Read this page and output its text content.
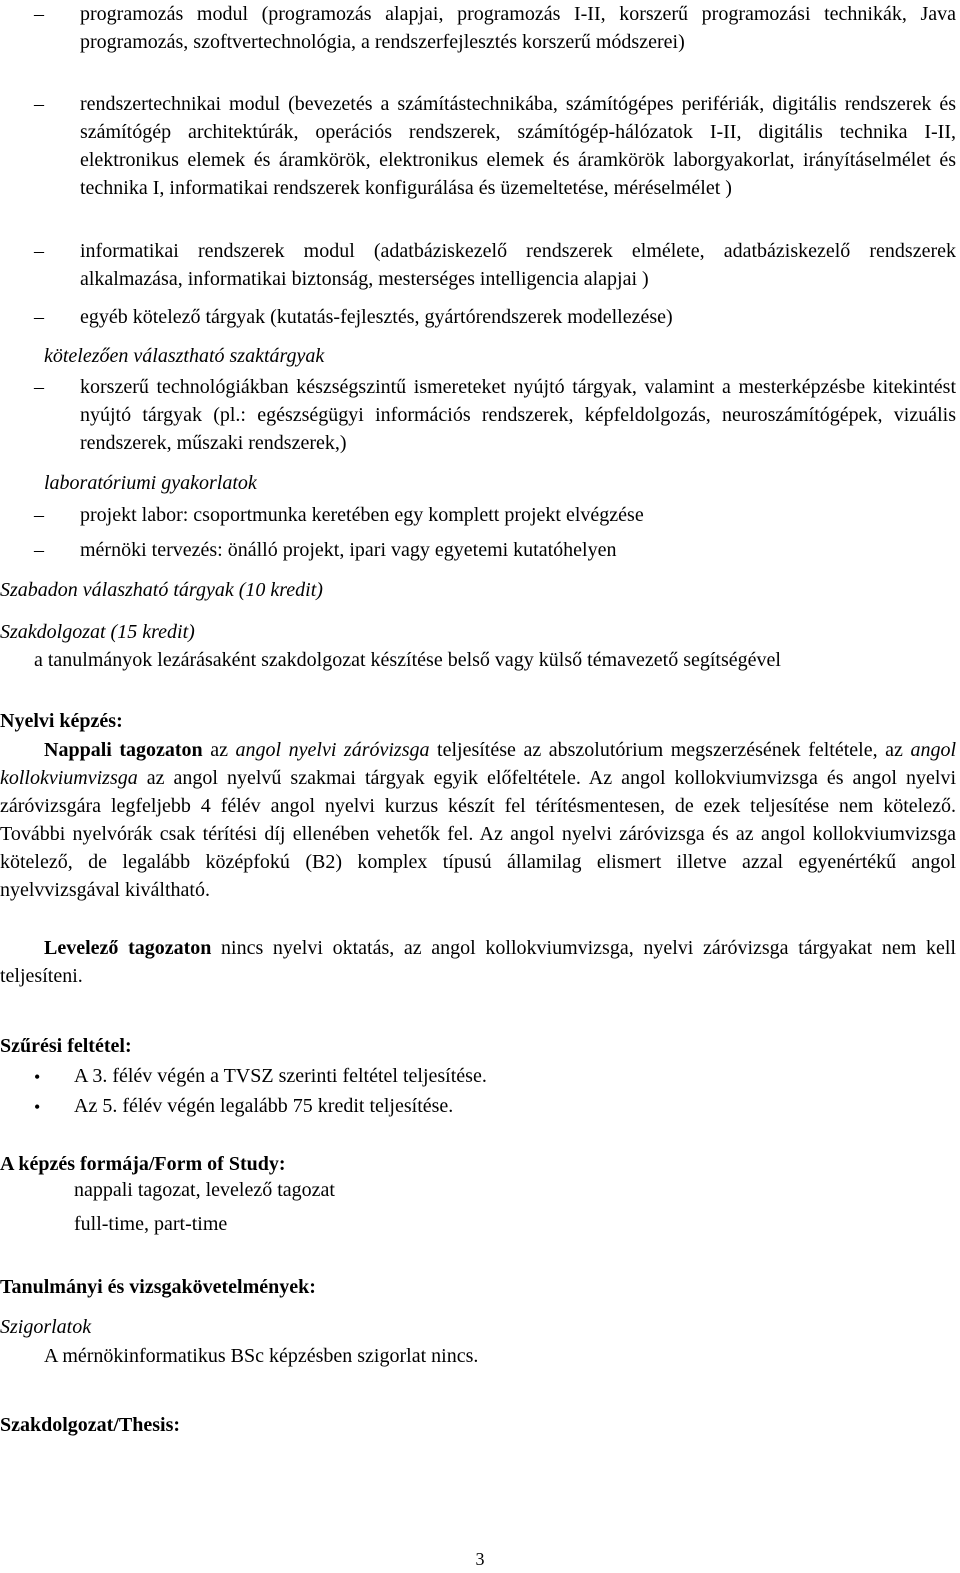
–	programozás modul (programozás alapjai, programozás I-II, korszerű programozási technikák, Java programozás, szoftvertechnológia, a rendszerfejlesztés korszerű módszerei)
–	rendszertechnikai modul (bevezetés a számítástechnikába, számítógépes perifériák, digitális rendszerek és számítógép architektúrák, operációs rendszerek, számítógép-hálózatok I-II, digitális technika I-II, elektronikus elemek és áramkörök, elektronikus elemek és áramkörök laborgyakorlat, irányításelmélet és technika I, informatikai rendszerek konfigurálása és üzemeltetése, méréselmélet )
–	informatikai rendszerek modul (adatbáziskezelő rendszerek elmélete, adatbáziskezelő rendszerek alkalmazása, informatikai biztonság, mesterséges intelligencia alapjai )
–	egyéb kötelező tárgyak (kutatás-fejlesztés, gyártórendszerek modellezése)
kötelezően választható szaktárgyak
–	korszerű technológiákban készségszintű ismereteket nyújtó tárgyak, valamint a mesterképzésbe kitekintést nyújtó tárgyak (pl.: egészségügyi információs rendszerek, képfeldolgozás, neuroszámítógépek, vizuális rendszerek, műszaki rendszerek,)
laboratóriumi gyakorlatok
–	projekt labor: csoportmunka keretében egy komplett projekt elvégzése
–	mérnöki tervezés: önálló projekt, ipari vagy egyetemi kutatóhelyen
Szabadon válaszható tárgyak (10 kredit)
Szakdolgozat (15 kredit)
a tanulmányok lezárásaként szakdolgozat készítése belső vagy külső témavezető segítségével
Nyelvi képzés:
Nappali tagozaton az angol nyelvi záróvizsga teljesítése az abszolutórium megszerzésének feltétele, az angol kollokviumvizsga az angol nyelvű szakmai tárgyak egyik előfeltétele. Az angol kollokviumvizsga és angol nyelvi záróvizsgára legfeljebb 4 félév angol nyelvi kurzus készít fel térítésmentesen, de ezek teljesítése nem kötelező. További nyelvórák csak térítési díj ellenében vehetők fel. Az angol nyelvi záróvizsga és az angol kollokviumvizsga kötelező, de legalább középfokú (B2) komplex típusú államilag elismert illetve azzal egyenértékű angol nyelvvizsgával kiváltható.
Levelező tagozaton nincs nyelvi oktatás, az angol kollokviumvizsga, nyelvi záróvizsga tárgyakat nem kell teljesíteni.
Szűrési feltétel:
• A 3. félév végén a TVSZ szerinti feltétel teljesítése.
• Az 5. félév végén legalább 75 kredit teljesítése.
A képzés formája/Form of Study:
nappali tagozat, levelező tagozat
full-time, part-time
Tanulmányi és vizsgakövetelmények:
Szigorlatok
A mérnökinformatikus BSc képzésben szigorlat nincs.
Szakdolgozat/Thesis:
3
